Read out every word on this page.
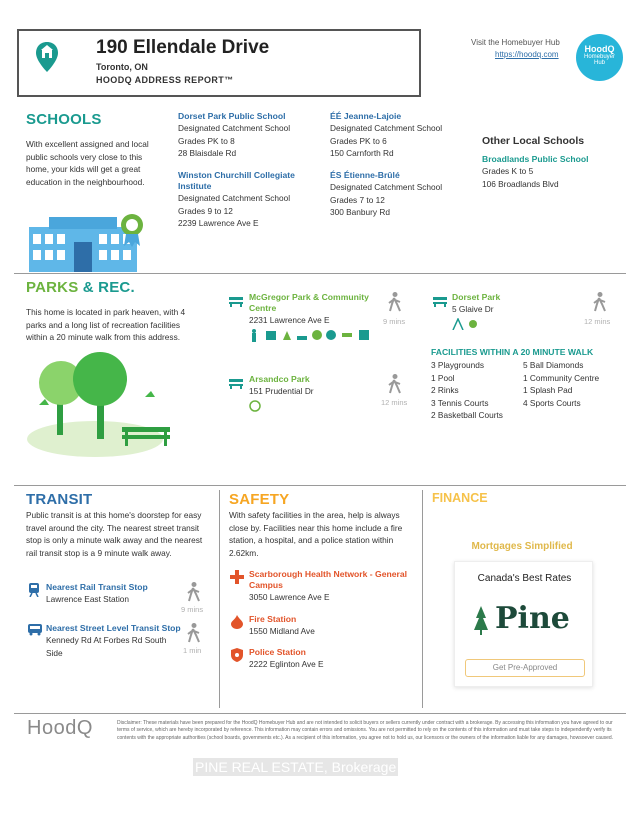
190 Ellendale Drive
Toronto, ON
HOODQ ADDRESS REPORT™
Visit the Homebuyer Hub
https://hoodq.com
HoodQ
Homebuyer
Hub
SCHOOLS
With excellent assigned and local public schools very close to this home, your kids will get a great education in the neighbourhood.
Dorset Park Public School
Designated Catchment School
Grades PK to 8
28 Blaisdale Rd
Winston Churchill Collegiate Institute
Designated Catchment School
Grades 9 to 12
2239 Lawrence Ave E
ÉÉ Jeanne-Lajoie
Designated Catchment School
Grades PK to 6
150 Carnforth Rd
ÉS Étienne-Brûlé
Designated Catchment School
Grades 7 to 12
300 Banbury Rd
Other Local Schools
Broadlands Public School
Grades K to 5
106 Broadlands Blvd
PARKS & REC.
This home is located in park heaven, with 4 parks and a long list of recreation facilities within a 20 minute walk from this address.
McGregor Park & Community Centre
2231 Lawrence Ave E	9 mins
Arsandco Park
151 Prudential Dr
12 mins
Dorset Park
5 Glaive Dr
12 mins
FACILITIES WITHIN A 20 MINUTE WALK
3 Playgrounds
1 Pool
2 Rinks
3 Tennis Courts
2 Basketball Courts
5 Ball Diamonds
1 Community Centre
1 Splash Pad
4 Sports Courts
TRANSIT
Public transit is at this home's doorstep for easy travel around the city. The nearest street transit stop is only a minute walk away and the nearest rail transit stop is a 9 minute walk away.
Nearest Rail Transit Stop
Lawrence East Station
9 mins
Nearest Street Level Transit Stop
Kennedy Rd At Forbes Rd South Side	1 min
SAFETY
With safety facilities in the area, help is always close by. Facilities near this home include a fire station, a hospital, and a police station within 2.62km.
Scarborough Health Network - General Campus
3050 Lawrence Ave E
Fire Station
1550 Midland Ave
Police Station
2222 Eglinton Ave E
FINANCE
Mortgages Simplified
Canada's Best Rates
Pine
Get Pre-Approved
HoodQ	Disclaimer: These materials have been prepared for the HoodQ Homebuyer Hub and are not intended to solicit buyers or sellers currently under contract with a brokerage. By accessing this information you have agreed to our terms of service, which are hereby incorporated by reference. This information may contain errors and omissions. You are not permitted to rely on the contents of this information and must take steps to independently verify its contents with the appropriate authorities (school boards, governments etc.). As a recipient of this information, you agree not to hold us, our licensors or the owners of the information liable for any damages, howsoever caused.
PINE REAL ESTATE, Brokerage
